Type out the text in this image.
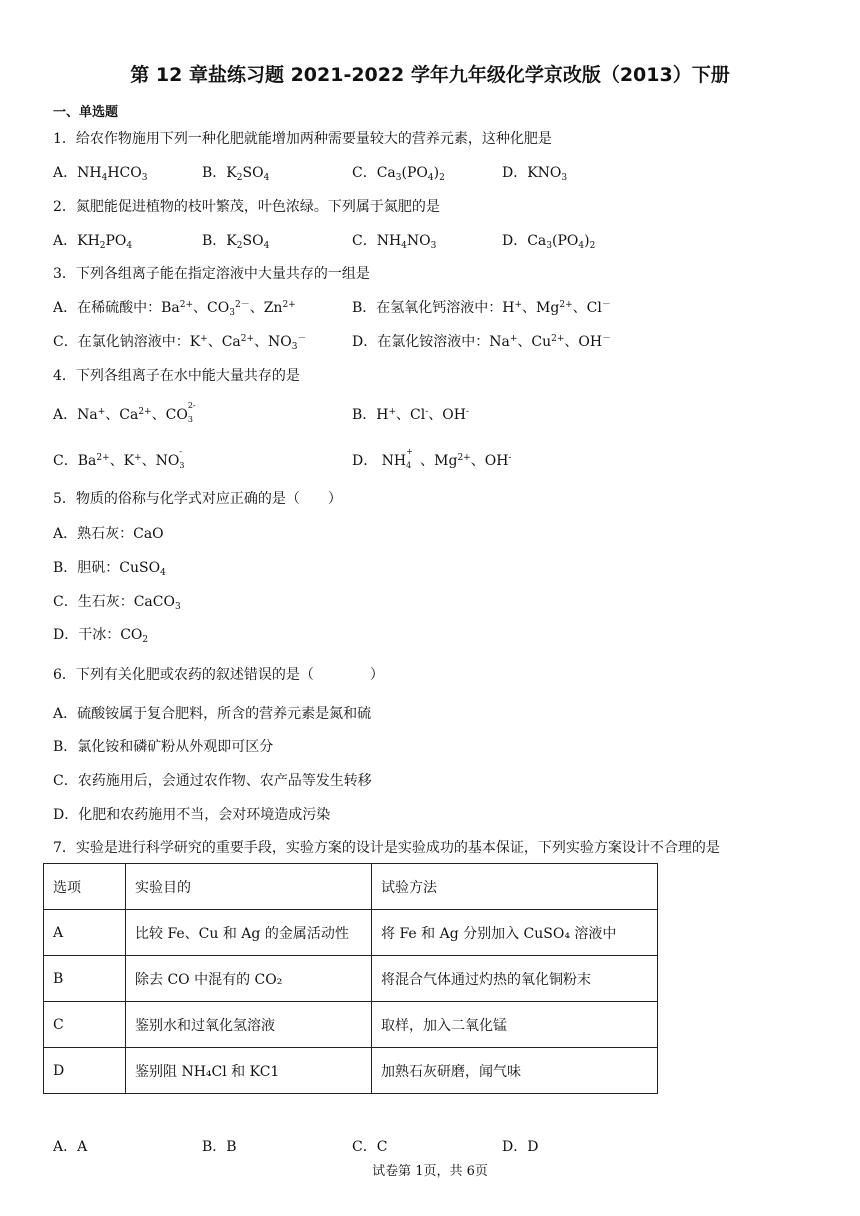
第 12 章盐练习题 2021-2022 学年九年级化学京改版（2013）下册
一、单选题
1．给农作物施用下列一种化肥就能增加两种需要量较大的营养元素，这种化肥是
A．$NH_4HCO_3$	B．$K_2SO_4$	C．$Ca_3(PO_4)_2$	D．$KNO_3$
2．氮肥能促进植物的枝叶繁茂，叶色浓绿。下列属于氮肥的是
A．$KH_2PO_4$	B．$K_2SO_4$	C．$NH_4NO_3$	D．$Ca_3(PO_4)_2$
3．下列各组离子能在指定溶液中大量共存的一组是
A．在稀硫酸中：$Ba^{2+}$、$CO_3^{2-}$、$Zn^{2+}$	B．在氢氧化钙溶液中：H+、$Mg^{2+}$、Cl－
C．在氯化钠溶液中：K+、$Ca^{2+}$、$NO_3^-$	D．在氯化铵溶液中：Na+、$Cu^{2+}$、OH－
4．下列各组离子在水中能大量共存的是
A．Na+、$Ca^{2+}$、CO
2-
3	B．H+、Cl-、OH-
C．$Ba^{2+}$、K+、NO
-
3	D． NH
+
4 、$Mg^{2+}$、OH-
5．物质的俗称与化学式对应正确的是（　　）
A．熟石灰：CaO
B．胆矾：CuSO$_4$
C．生石灰：CaCO$_3$
D．干冰：$CO_2$
6．下列有关化肥或农药的叙述错误的是（　　　　）
A．硫酸铵属于复合肥料，所含的营养元素是氮和硫
B．氯化铵和磷矿粉从外观即可区分
C．农药施用后，会通过农作物、农产品等发生转移
D．化肥和农药施用不当，会对环境造成污染
7．实验是进行科学研究的重要手段，实验方案的设计是实验成功的基本保证，下列实验方案设计不合理的是
选项	实验目的	试验方法
A	比较 Fe、Cu 和 Ag 的金属活动性	将 Fe 和 Ag 分别加入 CuSO₄ 溶液中
B	除去 CO 中混有的 CO₂	将混合气体通过灼热的氧化铜粉末
C	鉴别水和过氧化氢溶液	取样，加入二氧化锰
D	鉴别阻 NH₄Cl 和 KC1	加熟石灰研磨，闻气味
A．A	B．B	C．C	D．D
试卷第 1页，共 6页
